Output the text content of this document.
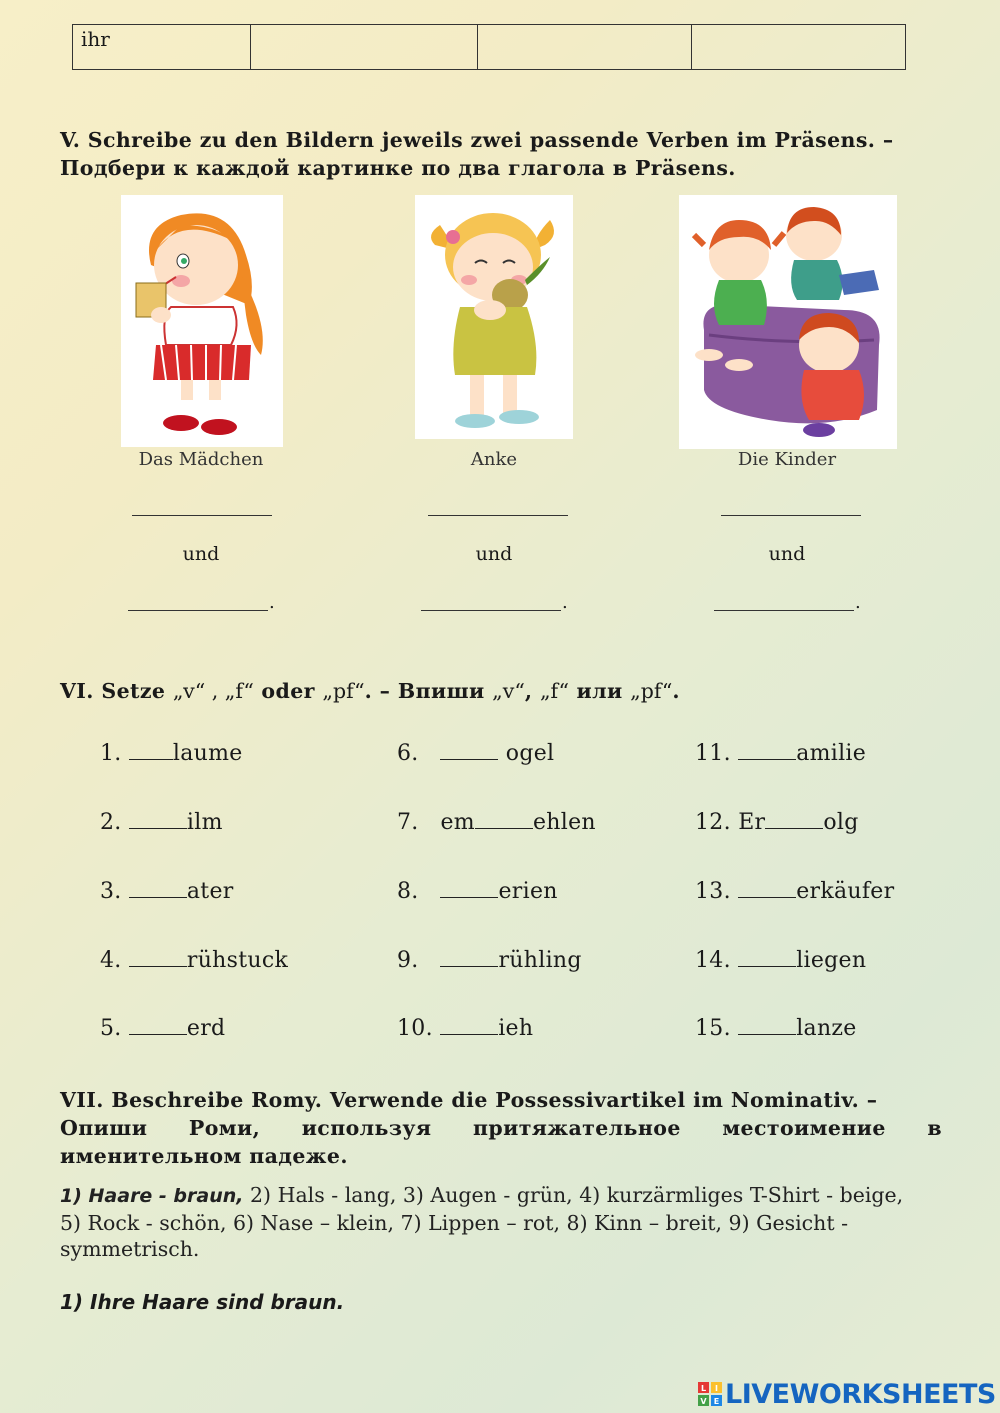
ihr			
V. Schreibe zu den Bildern jeweils zwei passende Verben im Präsens. –
Подбери к каждой картинке по два глагола в Präsens.
Das Mädchen	Anke	Die Kinder
und	und	und
.	.	.
VI. Setze „v“ , „f“ oder „pf“. – Впиши „v“, „f“ или „pf“.
1. laume
2.	ilm
3.	ater
4.	rühstuck
5.	erd
6.	ogel
7. em	ehlen
8.	erien
9.	rühling
10.	ieh
11.	amilie
12. Er	olg
13.	erkäufer
14.	liegen
15.	lanze
VII. Beschreibe Romy. Verwende die Possessivartikel im Nominativ. –
Опиши Роми, используя притяжательное местоимение в
именительном падеже.
1) Haare - braun, 2) Hals - lang, 3) Augen - grün, 4) kurzärmliges T-Shirt - beige, 5) Rock - schön, 6) Nase – klein, 7) Lippen – rot, 8) Kinn – breit, 9) Gesicht - symmetrisch.
1) Ihre Haare sind braun.
L I
V E LIVEWORKSHEETS
